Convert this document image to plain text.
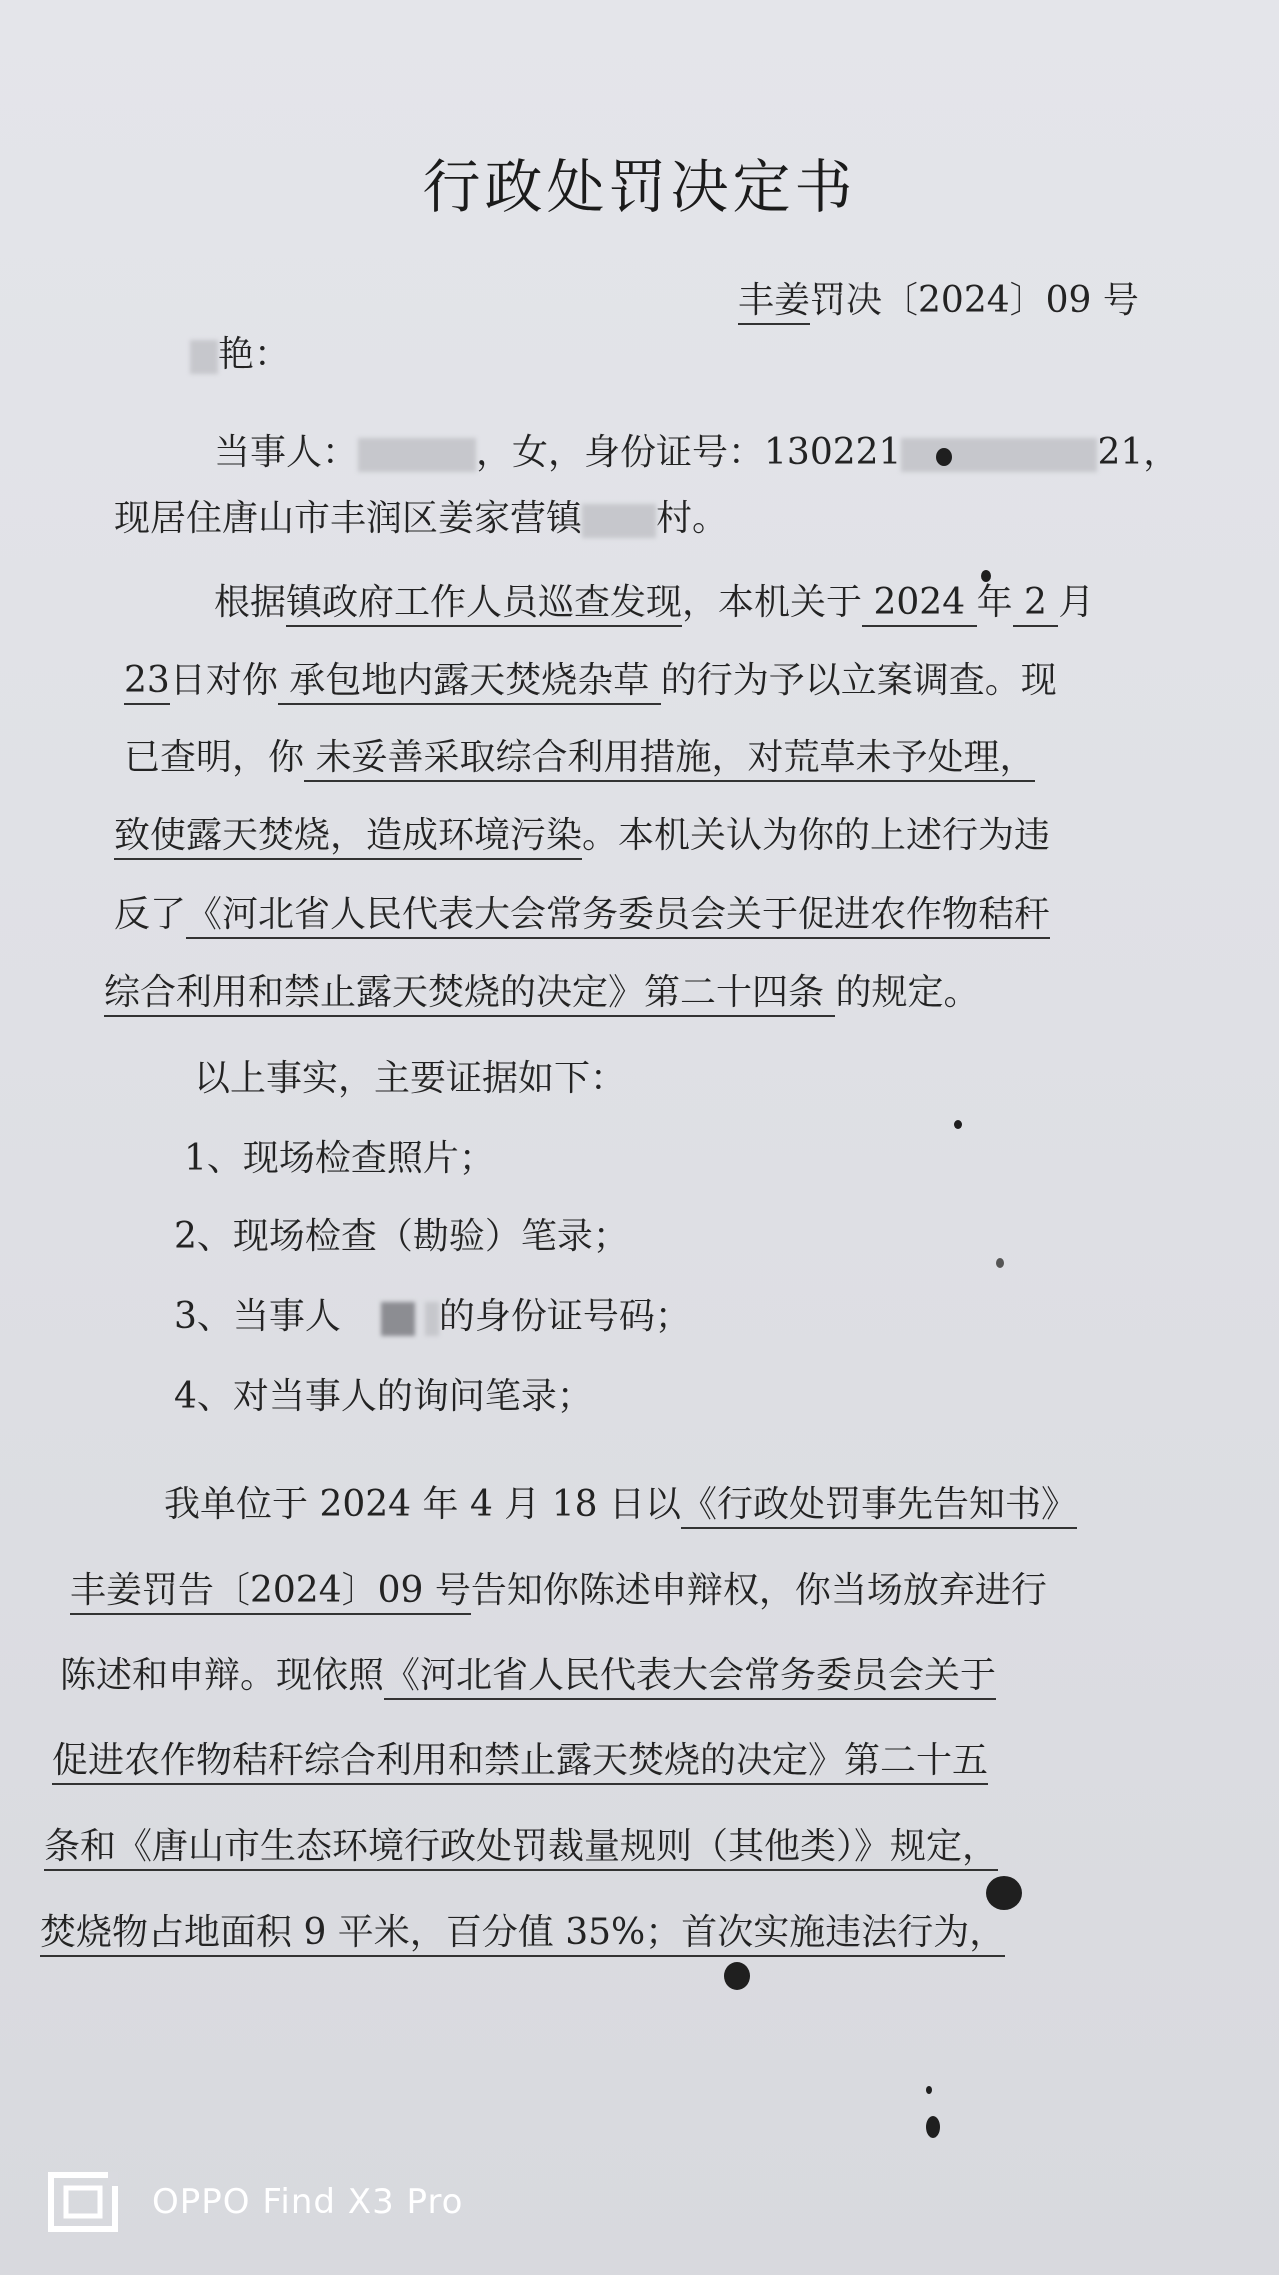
行政处罚决定书
丰姜罚决〔2024〕09 号
艳：
当事人：	，女，身份证号：130221	21，
现居住唐山市丰润区姜家营镇 村。
根据镇政府工作人员巡查发现，本机关于 2024 年 2 月
23日对你 承包地内露天焚烧杂草 的行为予以立案调查。现
已查明，你 未妥善采取综合利用措施，对荒草未予处理，
致使露天焚烧，造成环境污染。本机关认为你的上述行为违
反了《河北省人民代表大会常务委员会关于促进农作物秸秆
综合利用和禁止露天焚烧的决定》第二十四条 的规定。
以上事实，主要证据如下：
1、现场检查照片；
2、现场检查（勘验）笔录；
3、当事人	的身份证号码；
4、对当事人的询问笔录；
我单位于 2024 年 4 月 18 日以《行政处罚事先告知书》
丰姜罚告〔2024〕09 号告知你陈述申辩权，你当场放弃进行
陈述和申辩。现依照《河北省人民代表大会常务委员会关于
促进农作物秸秆综合利用和禁止露天焚烧的决定》第二十五
条和《唐山市生态环境行政处罚裁量规则（其他类）》规定，
焚烧物占地面积 9 平米，百分值 35%；首次实施违法行为，
OPPO Find X3 Pro
